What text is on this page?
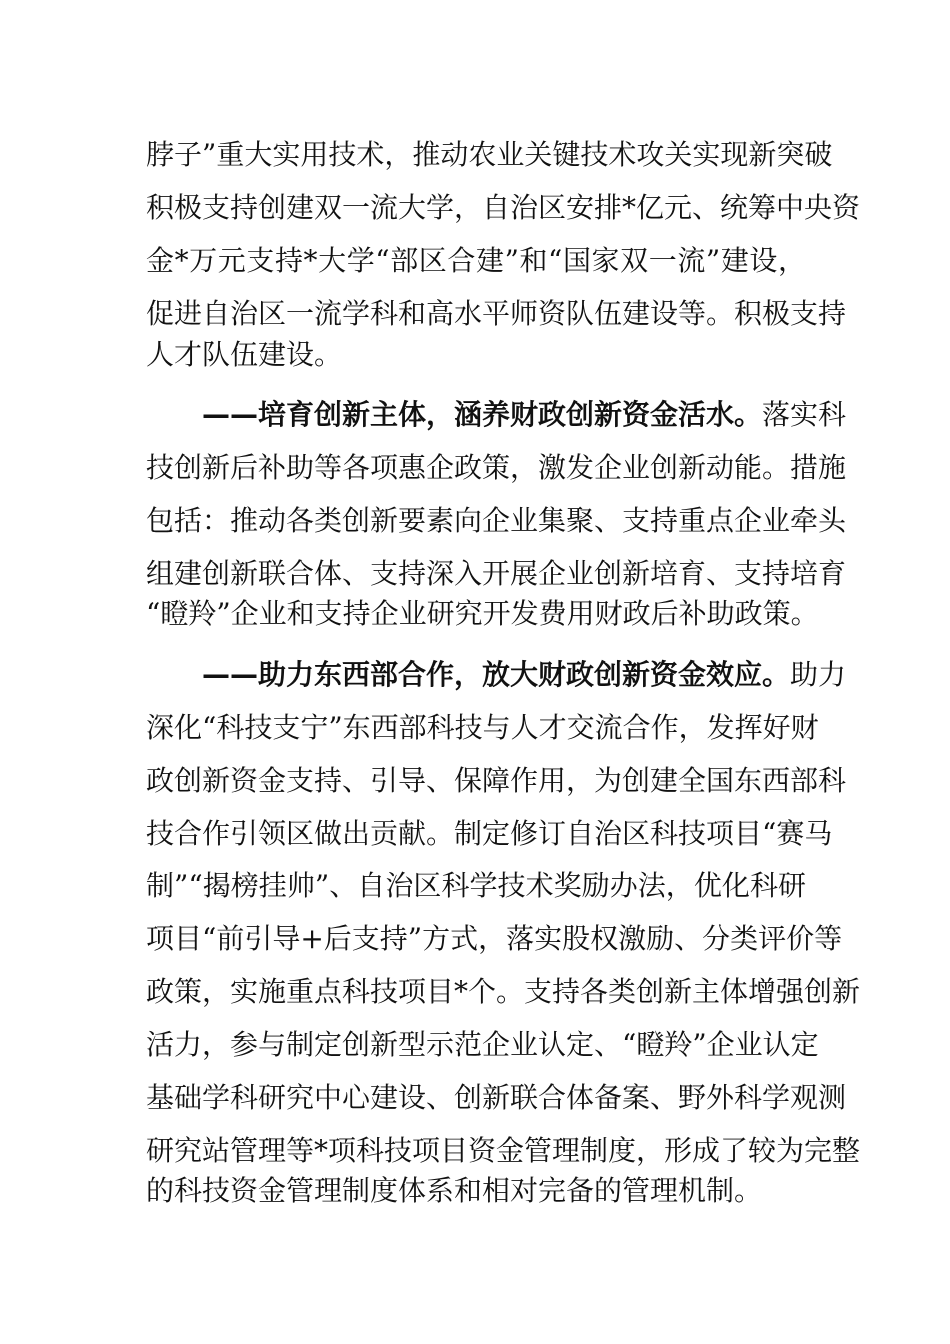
脖子”重大实用技术，推动农业关键技术攻关实现新突破
积极支持创建双一流大学，自治区安排*亿元、统筹中央资
金*万元支持*大学“部区合建”和“国家双一流”建设，
促进自治区一流学科和高水平师资队伍建设等。积极支持
人才队伍建设。
——培育创新主体，涵养财政创新资金活水。落实科
技创新后补助等各项惠企政策，激发企业创新动能。措施
包括：推动各类创新要素向企业集聚、支持重点企业牵头
组建创新联合体、支持深入开展企业创新培育、支持培育
“瞪羚”企业和支持企业研究开发费用财政后补助政策。
——助力东西部合作，放大财政创新资金效应。助力
深化“科技支宁”东西部科技与人才交流合作，发挥好财
政创新资金支持、引导、保障作用，为创建全国东西部科
技合作引领区做出贡献。制定修订自治区科技项目“赛马
制”“揭榜挂帅”、自治区科学技术奖励办法，优化科研
项目“前引导+后支持”方式，落实股权激励、分类评价等
政策，实施重点科技项目*个。支持各类创新主体增强创新
活力，参与制定创新型示范企业认定、“瞪羚”企业认定
基础学科研究中心建设、创新联合体备案、野外科学观测
研究站管理等*项科技项目资金管理制度，形成了较为完整
的科技资金管理制度体系和相对完备的管理机制。
